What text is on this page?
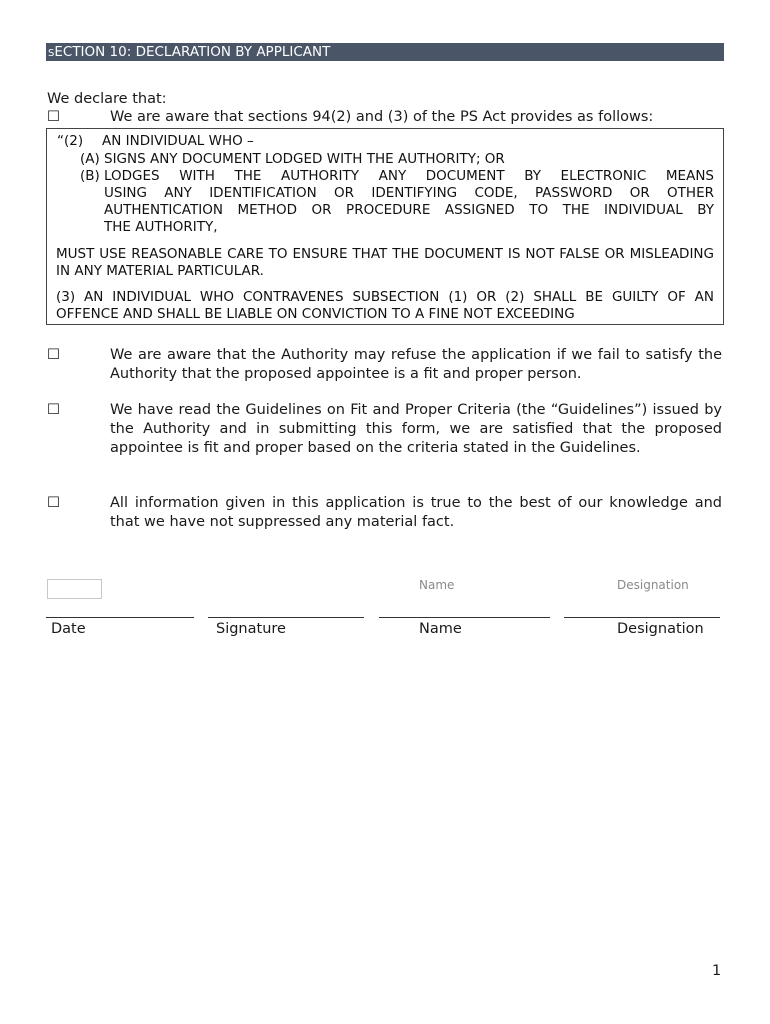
SECTION 10: DECLARATION BY APPLICANT
We declare that:
☐	We are aware that sections 94(2) and (3) of the PS Act provides as follows:
“(2) AN INDIVIDUAL WHO –
(A) SIGNS ANY DOCUMENT LODGED WITH THE AUTHORITY; OR
(B) LODGES WITH THE AUTHORITY ANY DOCUMENT BY ELECTRONIC MEANS
USING ANY IDENTIFICATION OR IDENTIFYING CODE, PASSWORD OR OTHER
AUTHENTICATION METHOD OR PROCEDURE ASSIGNED TO THE INDIVIDUAL BY
THE AUTHORITY,
MUST USE REASONABLE CARE TO ENSURE THAT THE DOCUMENT IS NOT FALSE OR MISLEADING IN ANY MATERIAL PARTICULAR.
(3) AN INDIVIDUAL WHO CONTRAVENES SUBSECTION (1) OR (2) SHALL BE GUILTY OF AN OFFENCE AND SHALL BE LIABLE ON CONVICTION TO A FINE NOT EXCEEDING
☐	We are aware that the Authority may refuse the application if we fail to satisfy the Authority that the proposed appointee is a fit and proper person.
☐	We have read the Guidelines on Fit and Proper Criteria (the “Guidelines”) issued by the Authority and in submitting this form, we are satisfied that the proposed appointee is fit and proper based on the criteria stated in the Guidelines.
☐	All information given in this application is true to the best of our knowledge and that we have not suppressed any material fact.
Name	Designation
Date	Signature	Name	Designation
1
